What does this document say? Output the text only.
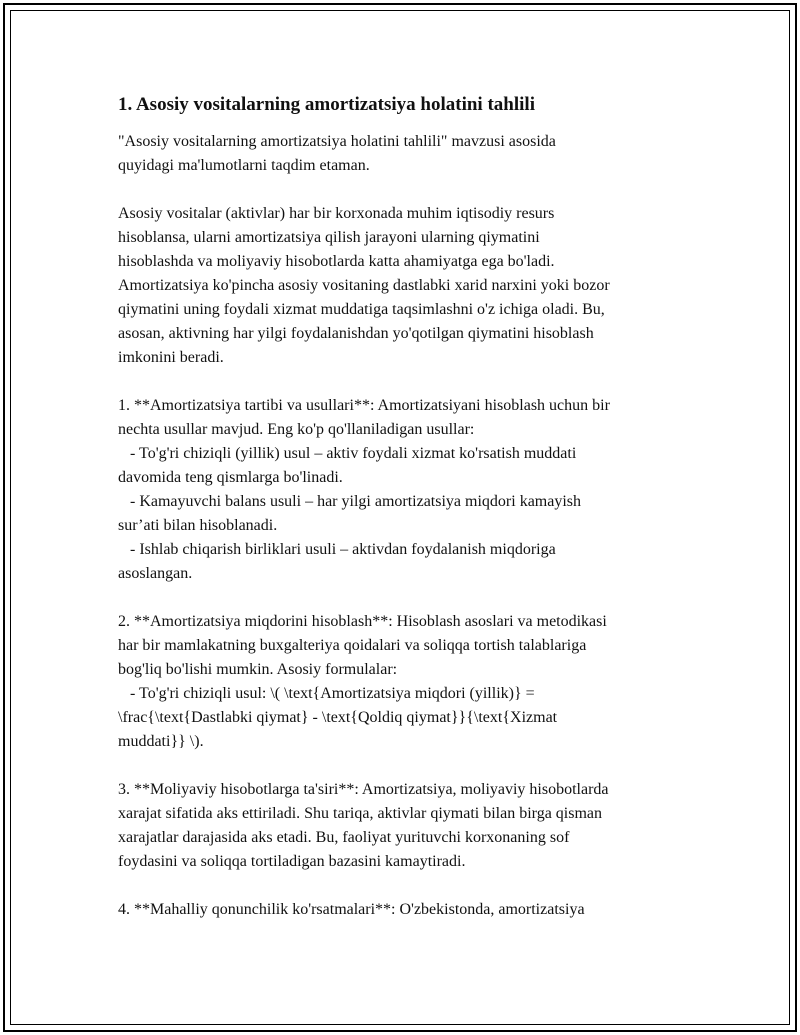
1. Asosiy vositalarning amortizatsiya holatini tahlili

"Asosiy vositalarning amortizatsiya holatini tahlili" mavzusi asosida
quyidagi ma'lumotlarni taqdim etaman.

Asosiy vositalar (aktivlar) har bir korxonada muhim iqtisodiy resurs
hisoblansa, ularni amortizatsiya qilish jarayoni ularning qiymatini
hisoblashda va moliyaviy hisobotlarda katta ahamiyatga ega bo'ladi.
Amortizatsiya ko'pincha asosiy vositaning dastlabki xarid narxini yoki bozor
qiymatini uning foydali xizmat muddatiga taqsimlashni o'z ichiga oladi. Bu,
asosan, aktivning har yilgi foydalanishdan yo'qotilgan qiymatini hisoblash
imkonini beradi.

1. **Amortizatsiya tartibi va usullari**: Amortizatsiyani hisoblash uchun bir
nechta usullar mavjud. Eng ko'p qo'llaniladigan usullar:
- To'g'ri chiziqli (yillik) usul – aktiv foydali xizmat ko'rsatish muddati
davomida teng qismlarga bo'linadi.
- Kamayuvchi balans usuli – har yilgi amortizatsiya miqdori kamayish
sur’ati bilan hisoblanadi.
- Ishlab chiqarish birliklari usuli – aktivdan foydalanish miqdoriga
asoslangan.

2. **Amortizatsiya miqdorini hisoblash**: Hisoblash asoslari va metodikasi
har bir mamlakatning buxgalteriya qoidalari va soliqqa tortish talablariga
bog'liq bo'lishi mumkin. Asosiy formulalar:
- To'g'ri chiziqli usul: \( \text{Amortizatsiya miqdori (yillik)} =
\frac{\text{Dastlabki qiymat} - \text{Qoldiq qiymat}}{\text{Xizmat
muddati}} \).

3. **Moliyaviy hisobotlarga ta'siri**: Amortizatsiya, moliyaviy hisobotlarda
xarajat sifatida aks ettiriladi. Shu tariqa, aktivlar qiymati bilan birga qisman
xarajatlar darajasida aks etadi. Bu, faoliyat yurituvchi korxonaning sof
foydasini va soliqqa tortiladigan bazasini kamaytiradi.

4. **Mahalliy qonunchilik ko'rsatmalari**: O'zbekistonda, amortizatsiya
